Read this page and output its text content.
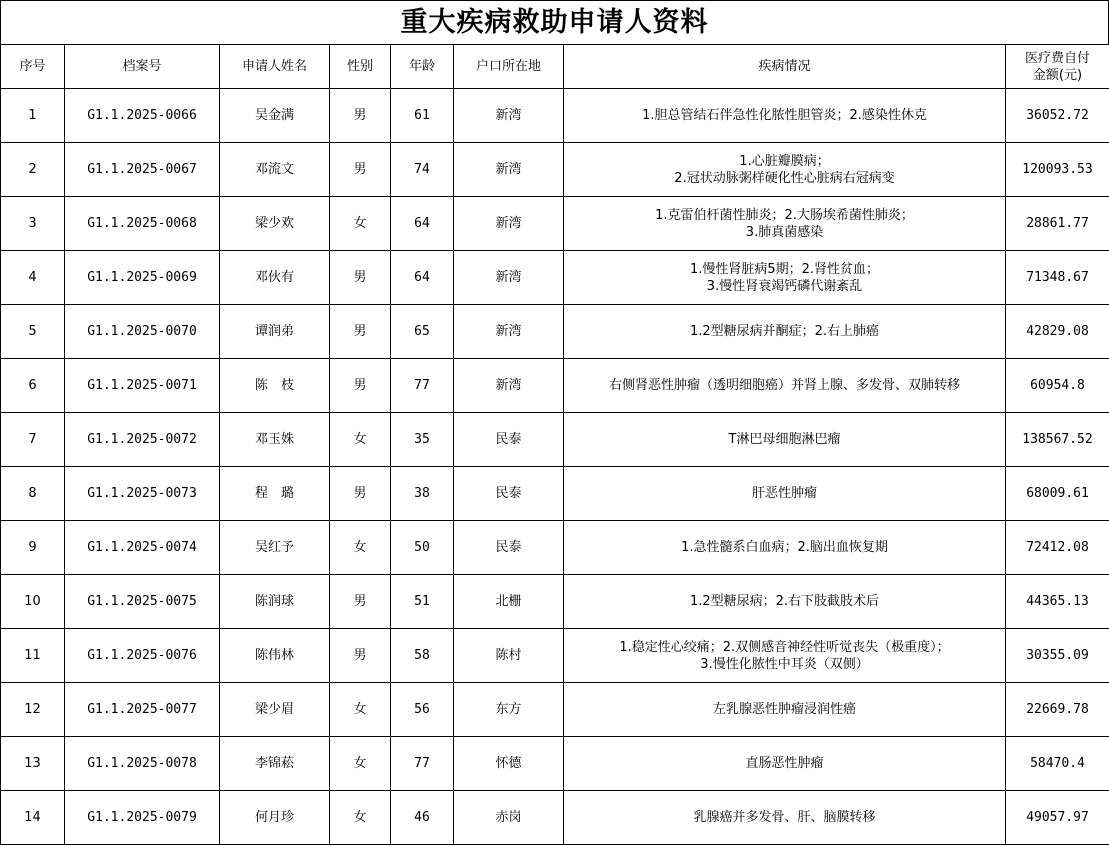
重大疾病救助申请人资料
序号	档案号	申请人姓名	性别	年龄	户口所在地	疾病情况	医疗费自付
金额(元)
1	G1.1.2025-0066	吴金满	男	61	新湾	1.胆总管结石伴急性化脓性胆管炎；2.感染性休克	36052.72
2	G1.1.2025-0067	邓流文	男	74	新湾	1.心脏瓣膜病；
2.冠状动脉粥样硬化性心脏病右冠病变	120093.53
3	G1.1.2025-0068	梁少欢	女	64	新湾	1.克雷伯杆菌性肺炎；2.大肠埃希菌性肺炎；
3.肺真菌感染	28861.77
4	G1.1.2025-0069	邓伙有	男	64	新湾	1.慢性肾脏病5期；2.肾性贫血；
3.慢性肾衰竭钙磷代谢紊乱	71348.67
5	G1.1.2025-0070	谭润弟	男	65	新湾	1.2型糖尿病并酮症；2.右上肺癌	42829.08
6	G1.1.2025-0071	陈　枝	男	77	新湾	右侧肾恶性肿瘤（透明细胞癌）并肾上腺、多发骨、双肺转移	60954.8
7	G1.1.2025-0072	邓玉姝	女	35	民泰	T淋巴母细胞淋巴瘤	138567.52
8	G1.1.2025-0073	程　璐	男	38	民泰	肝恶性肿瘤	68009.61
9	G1.1.2025-0074	吴红予	女	50	民泰	1.急性髓系白血病；2.脑出血恢复期	72412.08
10	G1.1.2025-0075	陈润球	男	51	北栅	1.2型糖尿病；2.右下肢截肢术后	44365.13
11	G1.1.2025-0076	陈伟林	男	58	陈村	1.稳定性心绞痛；2.双侧感音神经性听觉丧失（极重度）；
3.慢性化脓性中耳炎（双侧）	30355.09
12	G1.1.2025-0077	梁少眉	女	56	东方	左乳腺恶性肿瘤浸润性癌	22669.78
13	G1.1.2025-0078	李锦菘	女	77	怀德	直肠恶性肿瘤	58470.4
14	G1.1.2025-0079	何月珍	女	46	赤岗	乳腺癌并多发骨、肝、脑膜转移	49057.97
